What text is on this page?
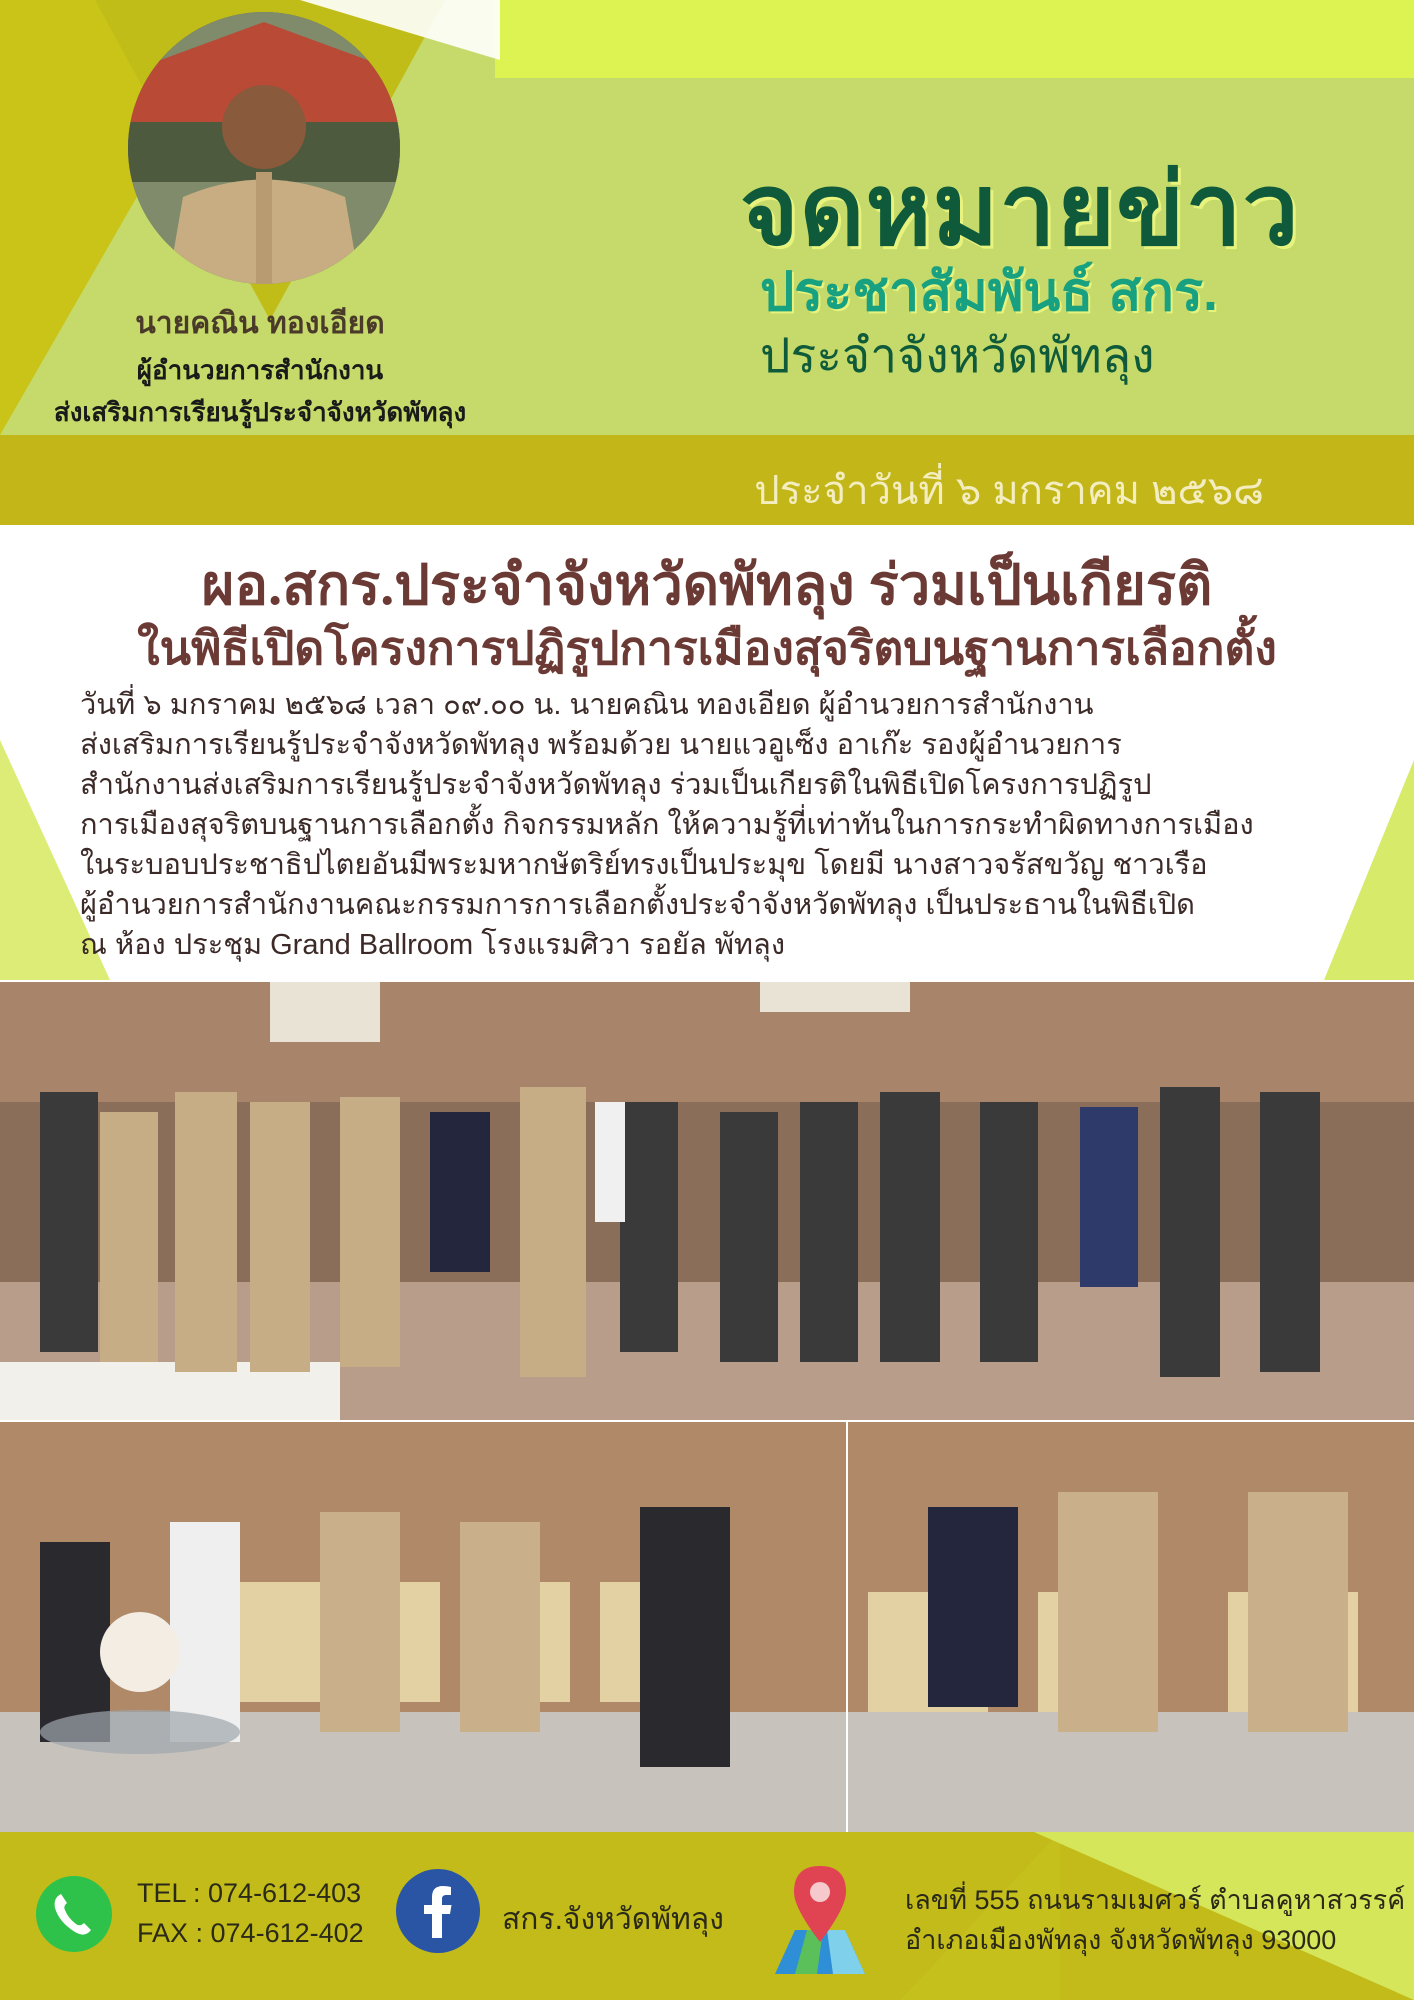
นายคณิน ทองเอียด
ผู้อำนวยการสำนักงาน
ส่งเสริมการเรียนรู้ประจำจังหวัดพัทลุง
จดหมายข่าว
ประชาสัมพันธ์ สกร.
ประจำจังหวัดพัทลุง
ประจำวันที่ ๖ มกราคม ๒๕๖๘
ผอ.สกร.ประจำจังหวัดพัทลุง ร่วมเป็นเกียรติ
ในพิธีเปิดโครงการปฏิรูปการเมืองสุจริตบนฐานการเลือกตั้ง
วันที่ ๖ มกราคม ๒๕๖๘ เวลา ๐๙.๐๐ น. นายคณิน ทองเอียด ผู้อำนวยการสำนักงาน
ส่งเสริมการเรียนรู้ประจำจังหวัดพัทลุง พร้อมด้วย นายแวอูเซ็ง อาเก๊ะ รองผู้อำนวยการ
สำนักงานส่งเสริมการเรียนรู้ประจำจังหวัดพัทลุง ร่วมเป็นเกียรติในพิธีเปิดโครงการปฏิรูป
การเมืองสุจริตบนฐานการเลือกตั้ง กิจกรรมหลัก ให้ความรู้ที่เท่าทันในการกระทำผิดทางการเมือง
ในระบอบประชาธิปไตยอันมีพระมหากษัตริย์ทรงเป็นประมุข โดยมี นางสาวจรัสขวัญ ชาวเรือ
ผู้อำนวยการสำนักงานคณะกรรมการการเลือกตั้งประจำจังหวัดพัทลุง เป็นประธานในพิธีเปิด
ณ ห้อง ประชุม Grand Ballroom โรงแรมศิวา รอยัล พัทลุง
TEL : 074-612-403
FAX : 074-612-402	สกร.จังหวัดพัทลุง
เลขที่ 555 ถนนรามเมศวร์ ตำบลคูหาสวรรค์
อำเภอเมืองพัทลุง จังหวัดพัทลุง 93000
